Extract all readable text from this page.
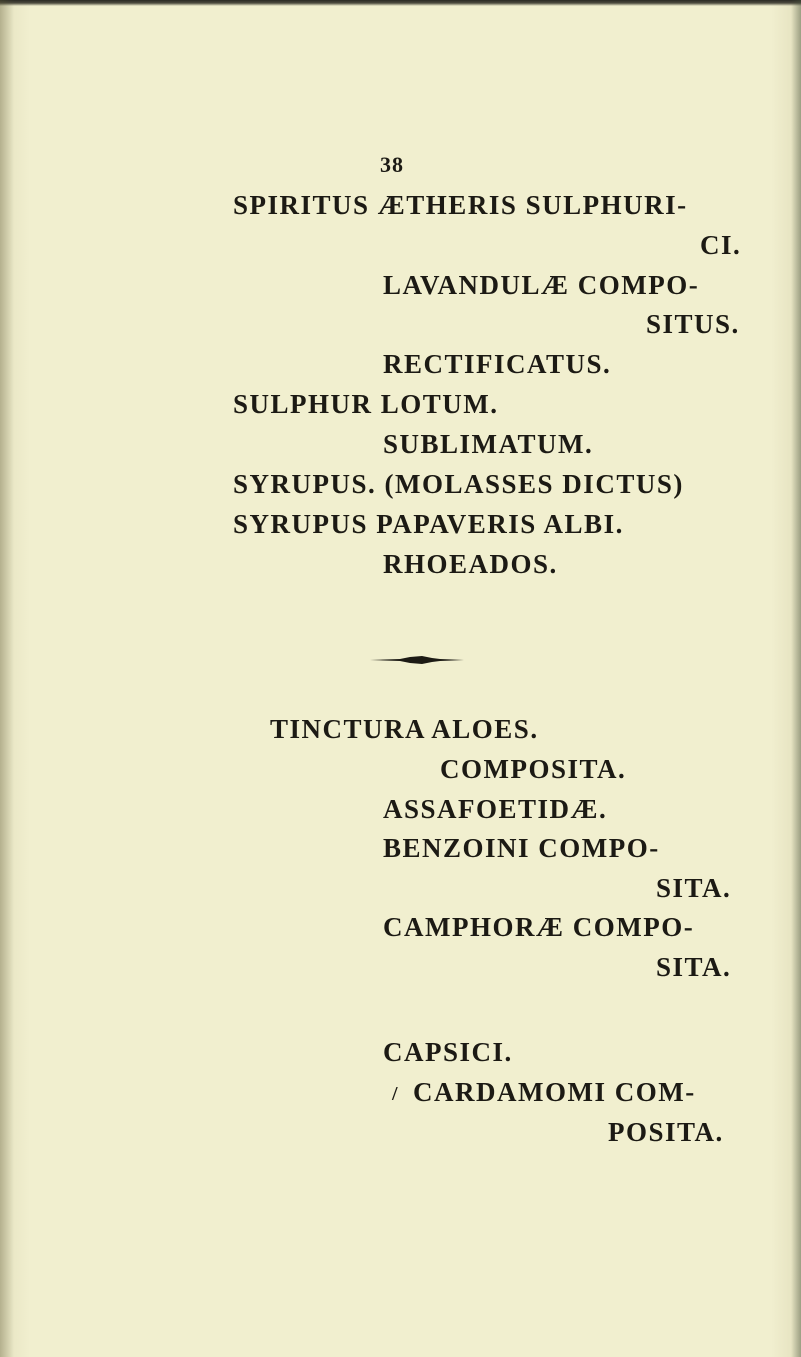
38
SPIRITUS ÆTHERIS SULPHURI-
CI.
LAVANDULÆ COMPO-
SITUS.
RECTIFICATUS.
SULPHUR LOTUM.
SUBLIMATUM.
SYRUPUS. (MOLASSES DICTUS)
SYRUPUS PAPAVERIS ALBI.
RHOEADOS.
TINCTURA ALOES.
COMPOSITA.
ASSAFOETIDÆ.
BENZOINI COMPO-
SITA.
CAMPHORÆ COMPO-
SITA.
CAPSICI.
/ CARDAMOMI COM-
POSITA.
